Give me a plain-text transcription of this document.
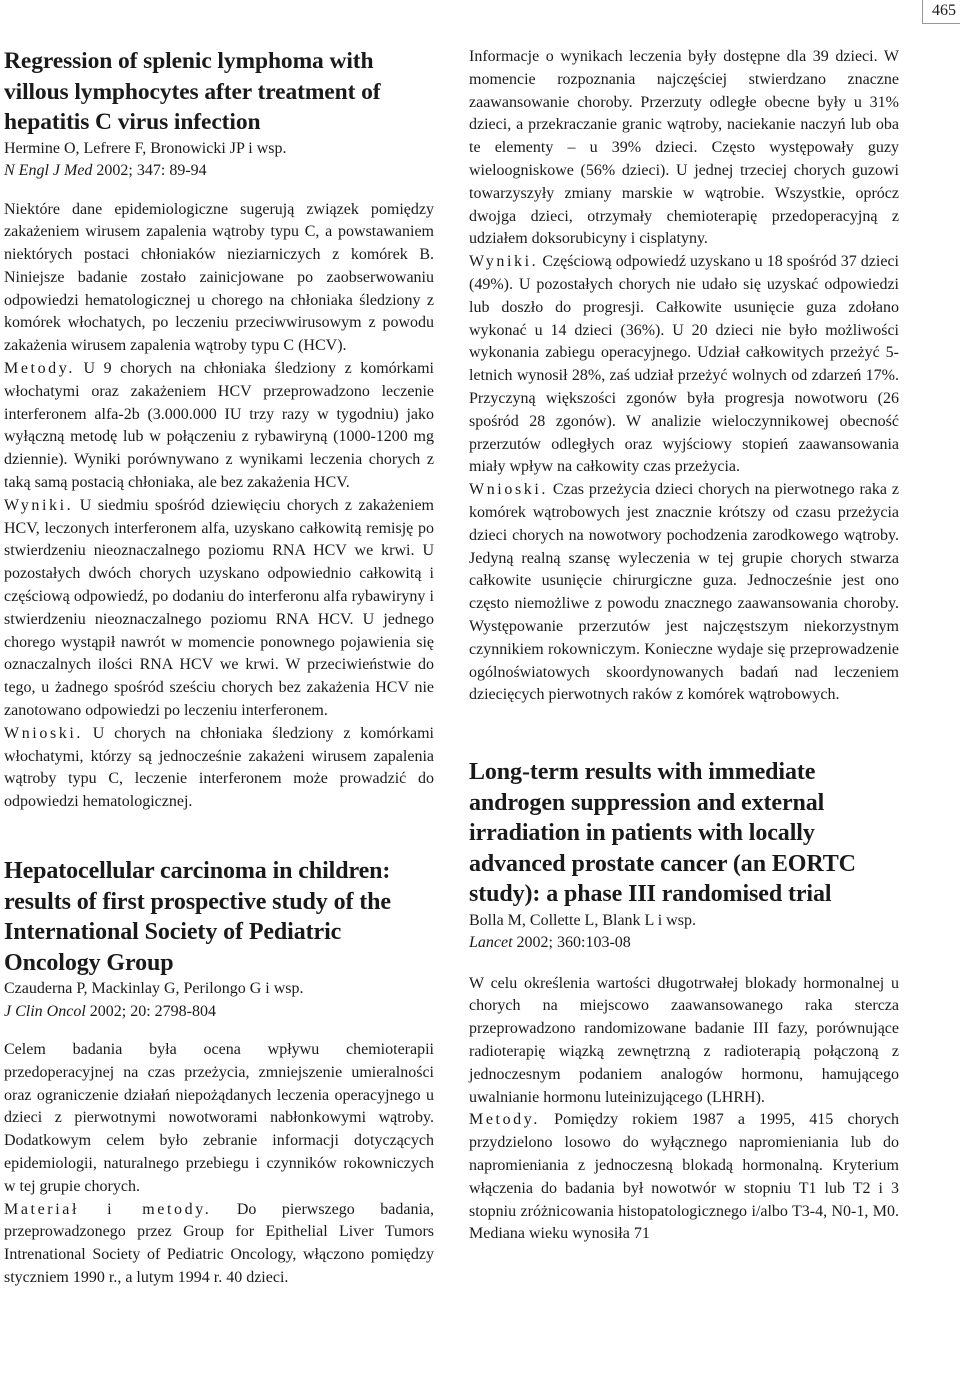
465
Regression of splenic lymphoma with villous lymphocytes after treatment of hepatitis C virus infection
Hermine O, Lefrere F, Bronowicki JP i wsp.
N Engl J Med 2002; 347: 89-94

Niektóre dane epidemiologiczne sugerują związek pomiędzy zakażeniem wirusem zapalenia wątroby typu C, a powstawaniem niektórych postaci chłoniaków nieziarniczych z komórek B. Niniejsze badanie zostało zainicjowane po zaobserwowaniu odpowiedzi hematologicznej u chorego na chłoniaka śledziony z komórek włochatych, po leczeniu przeciwwirusowym z powodu zakażenia wirusem zapalenia wątroby typu C (HCV).

Metody. U 9 chorych na chłoniaka śledziony z komórkami włochatymi oraz zakażeniem HCV przeprowadzono leczenie interferonem alfa-2b (3.000.000 IU trzy razy w tygodniu) jako wyłączną metodę lub w połączeniu z rybawiryną (1000-1200 mg dziennie). Wyniki porównywano z wynikami leczenia chorych z taką samą postacią chłoniaka, ale bez zakażenia HCV.

Wyniki. U siedmiu spośród dziewięciu chorych z zakażeniem HCV, leczonych interferonem alfa, uzyskano całkowitą remisję po stwierdzeniu nieoznaczalnego poziomu RNA HCV we krwi. U pozostałych dwóch chorych uzyskano odpowiednio całkowitą i częściową odpowiedź, po dodaniu do interferonu alfa rybawiryny i stwierdzeniu nieoznaczalnego poziomu RNA HCV. U jednego chorego wystąpił nawrót w momencie ponownego pojawienia się oznaczalnych ilości RNA HCV we krwi. W przeciwieństwie do tego, u żadnego spośród sześciu chorych bez zakażenia HCV nie zanotowano odpowiedzi po leczeniu interferonem.

Wnioski. U chorych na chłoniaka śledziony z komórkami włochatymi, którzy są jednocześnie zakażeni wirusem zapalenia wątroby typu C, leczenie interferonem może prowadzić do odpowiedzi hematologicznej.

Hepatocellular carcinoma in children: results of first prospective study of the International Society of Pediatric Oncology Group
Czauderna P, Mackinlay G, Perilongo G i wsp.
J Clin Oncol 2002; 20: 2798-804

Celem badania była ocena wpływu chemioterapii przedoperacyjnej na czas przeżycia, zmniejszenie umieralności oraz ograniczenie działań niepożądanych leczenia operacyjnego u dzieci z pierwotnymi nowotworami nabłonkowymi wątroby. Dodatkowym celem było zebranie informacji dotyczących epidemiologii, naturalnego przebiegu i czynników rokowniczych w tej grupie chorych.

Materiał i metody. Do pierwszego badania, przeprowadzonego przez Group for Epithelial Liver Tumors Intrenational Society of Pediatric Oncology, włączono pomiędzy styczniem 1990 r., a lutym 1994 r. 40 dzieci.

Informacje o wynikach leczenia były dostępne dla 39 dzieci. W momencie rozpoznania najczęściej stwierdzano znaczne zaawansowanie choroby. Przerzuty odległe obecne były u 31% dzieci, a przekraczanie granic wątroby, naciekanie naczyń lub oba te elementy – u 39% dzieci. Często występowały guzy wieloogniskowe (56% dzieci). U jednej trzeciej chorych guzowi towarzyszyły zmiany marskie w wątrobie. Wszystkie, oprócz dwojga dzieci, otrzymały chemioterapię przedoperacyjną z udziałem doksorubicyny i cisplatyny.

Wyniki. Częściową odpowiedź uzyskano u 18 spośród 37 dzieci (49%). U pozostałych chorych nie udało się uzyskać odpowiedzi lub doszło do progresji. Całkowite usunięcie guza zdołano wykonać u 14 dzieci (36%). U 20 dzieci nie było możliwości wykonania zabiegu operacyjnego. Udział całkowitych przeżyć 5-letnich wynosił 28%, zaś udział przeżyć wolnych od zdarzeń 17%. Przyczyną większości zgonów była progresja nowotworu (26 spośród 28 zgonów). W analizie wieloczynnikowej obecność przerzutów odległych oraz wyjściowy stopień zaawansowania miały wpływ na całkowity czas przeżycia.

Wnioski. Czas przeżycia dzieci chorych na pierwotnego raka z komórek wątrobowych jest znacznie krótszy od czasu przeżycia dzieci chorych na nowotwory pochodzenia zarodkowego wątroby. Jedyną realną szansę wyleczenia w tej grupie chorych stwarza całkowite usunięcie chirurgiczne guza. Jednocześnie jest ono często niemożliwe z powodu znacznego zaawansowania choroby. Występowanie przerzutów jest najczęstszym niekorzystnym czynnikiem rokowniczym. Konieczne wydaje się przeprowadzenie ogólnoświatowych skoordynowanych badań nad leczeniem dziecięcych pierwotnych raków z komórek wątrobowych.

Long-term results with immediate androgen suppression and external irradiation in patients with locally advanced prostate cancer (an EORTC study): a phase III randomised trial
Bolla M, Collette L, Blank L i wsp.
Lancet 2002; 360:103-08

W celu określenia wartości długotrwałej blokady hormonalnej u chorych na miejscowo zaawansowanego raka stercza przeprowadzono randomizowane badanie III fazy, porównujące radioterapię wiązką zewnętrzną z radioterapią połączoną z jednoczesnym podaniem analogów hormonu, hamującego uwalnianie hormonu luteinizującego (LHRH).

Metody. Pomiędzy rokiem 1987 a 1995, 415 chorych przydzielono losowo do wyłącznego napromieniania lub do napromieniania z jednoczesną blokadą hormonalną. Kryterium włączenia do badania był nowotwór w stopniu T1 lub T2 i 3 stopniu zróżnicowania histopatologicznego i/albo T3-4, N0-1, M0. Mediana wieku wynosiła 71
